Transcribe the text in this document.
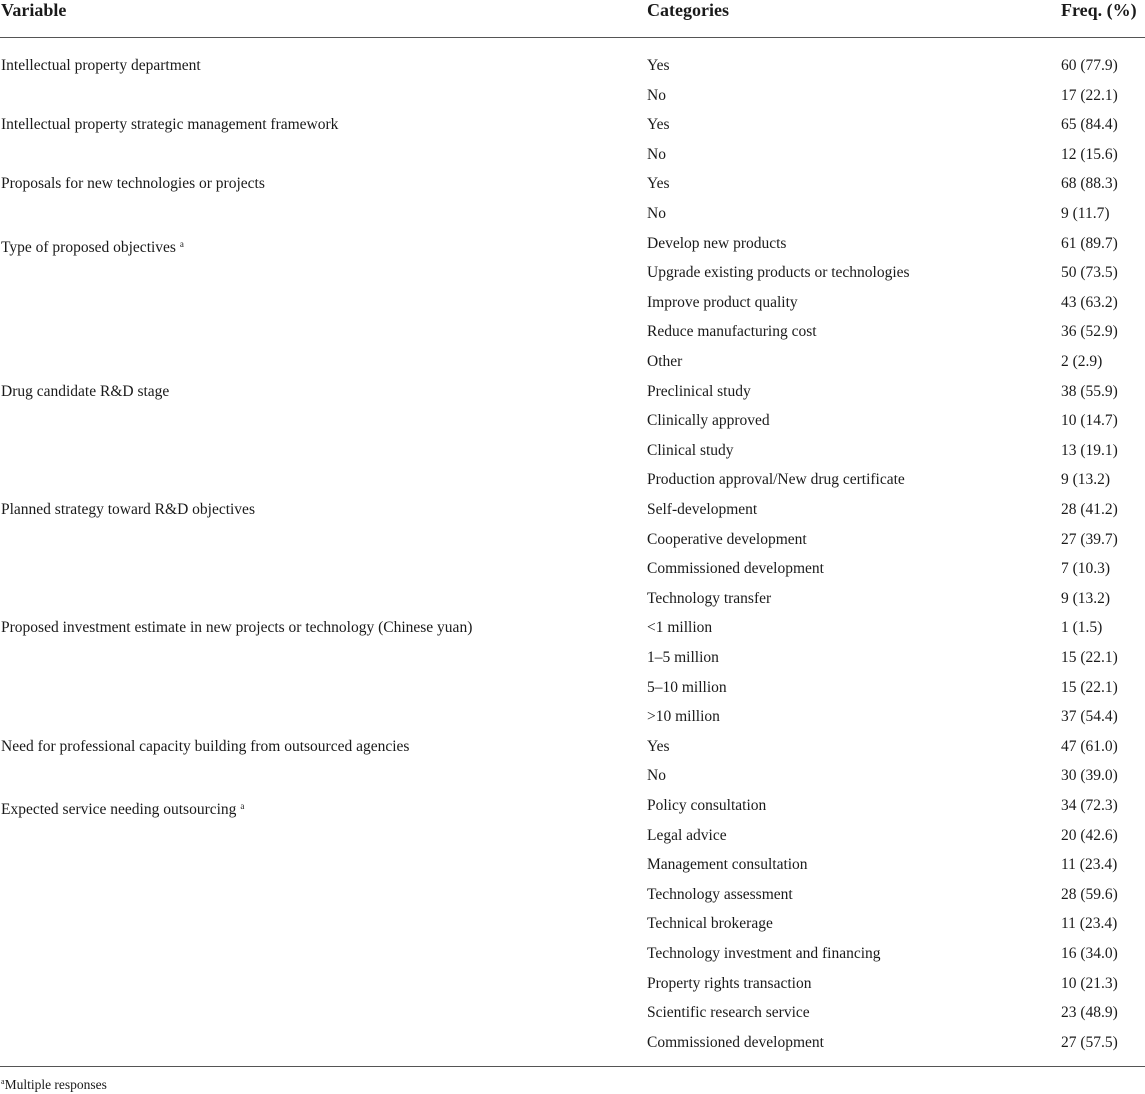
Variable	Categories	Freq. (%)
Intellectual property department	Yes	60 (77.9)
No	17 (22.1)
Intellectual property strategic management framework	Yes	65 (84.4)
No	12 (15.6)
Proposals for new technologies or projects	Yes	68 (88.3)
No	9 (11.7)
Type of proposed objectives $^a$	Develop new products	61 (89.7)
Upgrade existing products or technologies	50 (73.5)
Improve product quality	43 (63.2)
Reduce manufacturing cost	36 (52.9)
Other	2 (2.9)
Drug candidate R&D stage	Preclinical study	38 (55.9)
Clinically approved	10 (14.7)
Clinical study	13 (19.1)
Production approval/New drug certificate	9 (13.2)
Planned strategy toward R&D objectives	Self-development	28 (41.2)
Cooperative development	27 (39.7)
Commissioned development	7 (10.3)
Technology transfer	9 (13.2)
Proposed investment estimate in new projects or technology (Chinese yuan)	<1 million	1 (1.5)
1–5 million	15 (22.1)
5–10 million	15 (22.1)
>10 million	37 (54.4)
Need for professional capacity building from outsourced agencies	Yes	47 (61.0)
No	30 (39.0)
Expected service needing outsourcing $^a$	Policy consultation	34 (72.3)
Legal advice	20 (42.6)
Management consultation	11 (23.4)
Technology assessment	28 (59.6)
Technical brokerage	11 (23.4)
Technology investment and financing	16 (34.0)
Property rights transaction	10 (21.3)
Scientific research service	23 (48.9)
Commissioned development	27 (57.5)
$^a$Multiple responses
